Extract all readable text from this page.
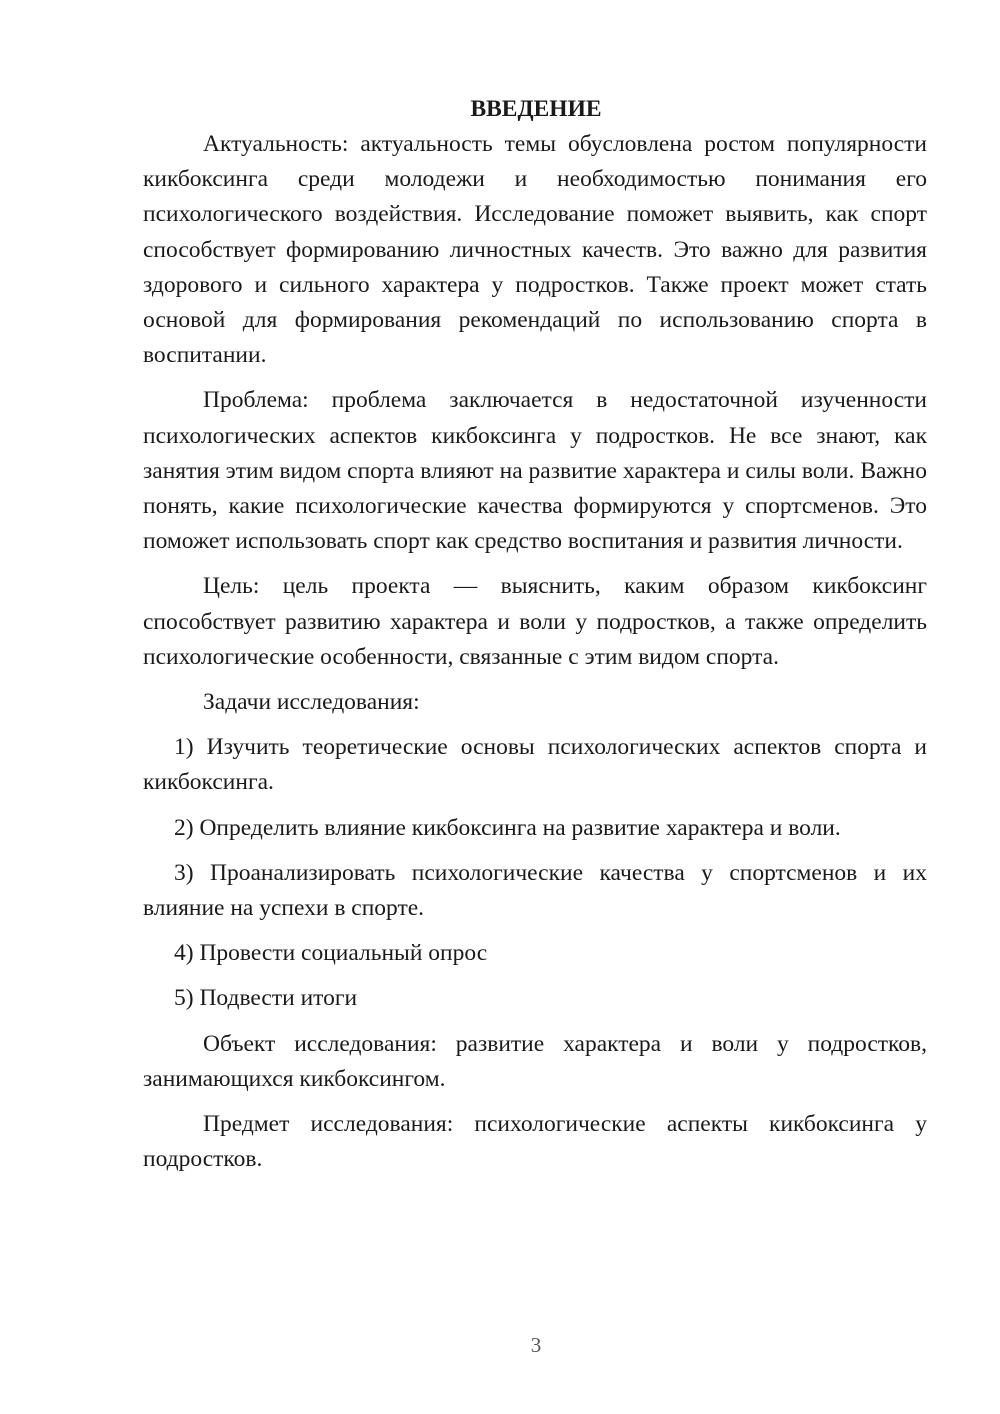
ВВЕДЕНИЕ

Актуальность: актуальность темы обусловлена ростом популярности кикбоксинга среди молодежи и необходимостью понимания его психологического воздействия. Исследование поможет выявить, как спорт способствует формированию личностных качеств. Это важно для развития здорового и сильного характера у подростков. Также проект может стать основой для формирования рекомендаций по использованию спорта в воспитании.

Проблема: проблема заключается в недостаточной изученности психологических аспектов кикбоксинга у подростков. Не все знают, как занятия этим видом спорта влияют на развитие характера и силы воли. Важно понять, какие психологические качества формируются у спортсменов. Это поможет использовать спорт как средство воспитания и развития личности.

Цель: цель проекта — выяснить, каким образом кикбоксинг способствует развитию характера и воли у подростков, а также определить психологические особенности, связанные с этим видом спорта.

Задачи исследования:

1) Изучить теоретические основы психологических аспектов спорта и кикбоксинга.

2) Определить влияние кикбоксинга на развитие характера и воли.

3) Проанализировать психологические качества у спортсменов и их влияние на успехи в спорте.

4) Провести социальный опрос

5) Подвести итоги

Объект исследования: развитие характера и воли у подростков, занимающихся кикбоксингом.

Предмет исследования: психологические аспекты кикбоксинга у подростков.

3
